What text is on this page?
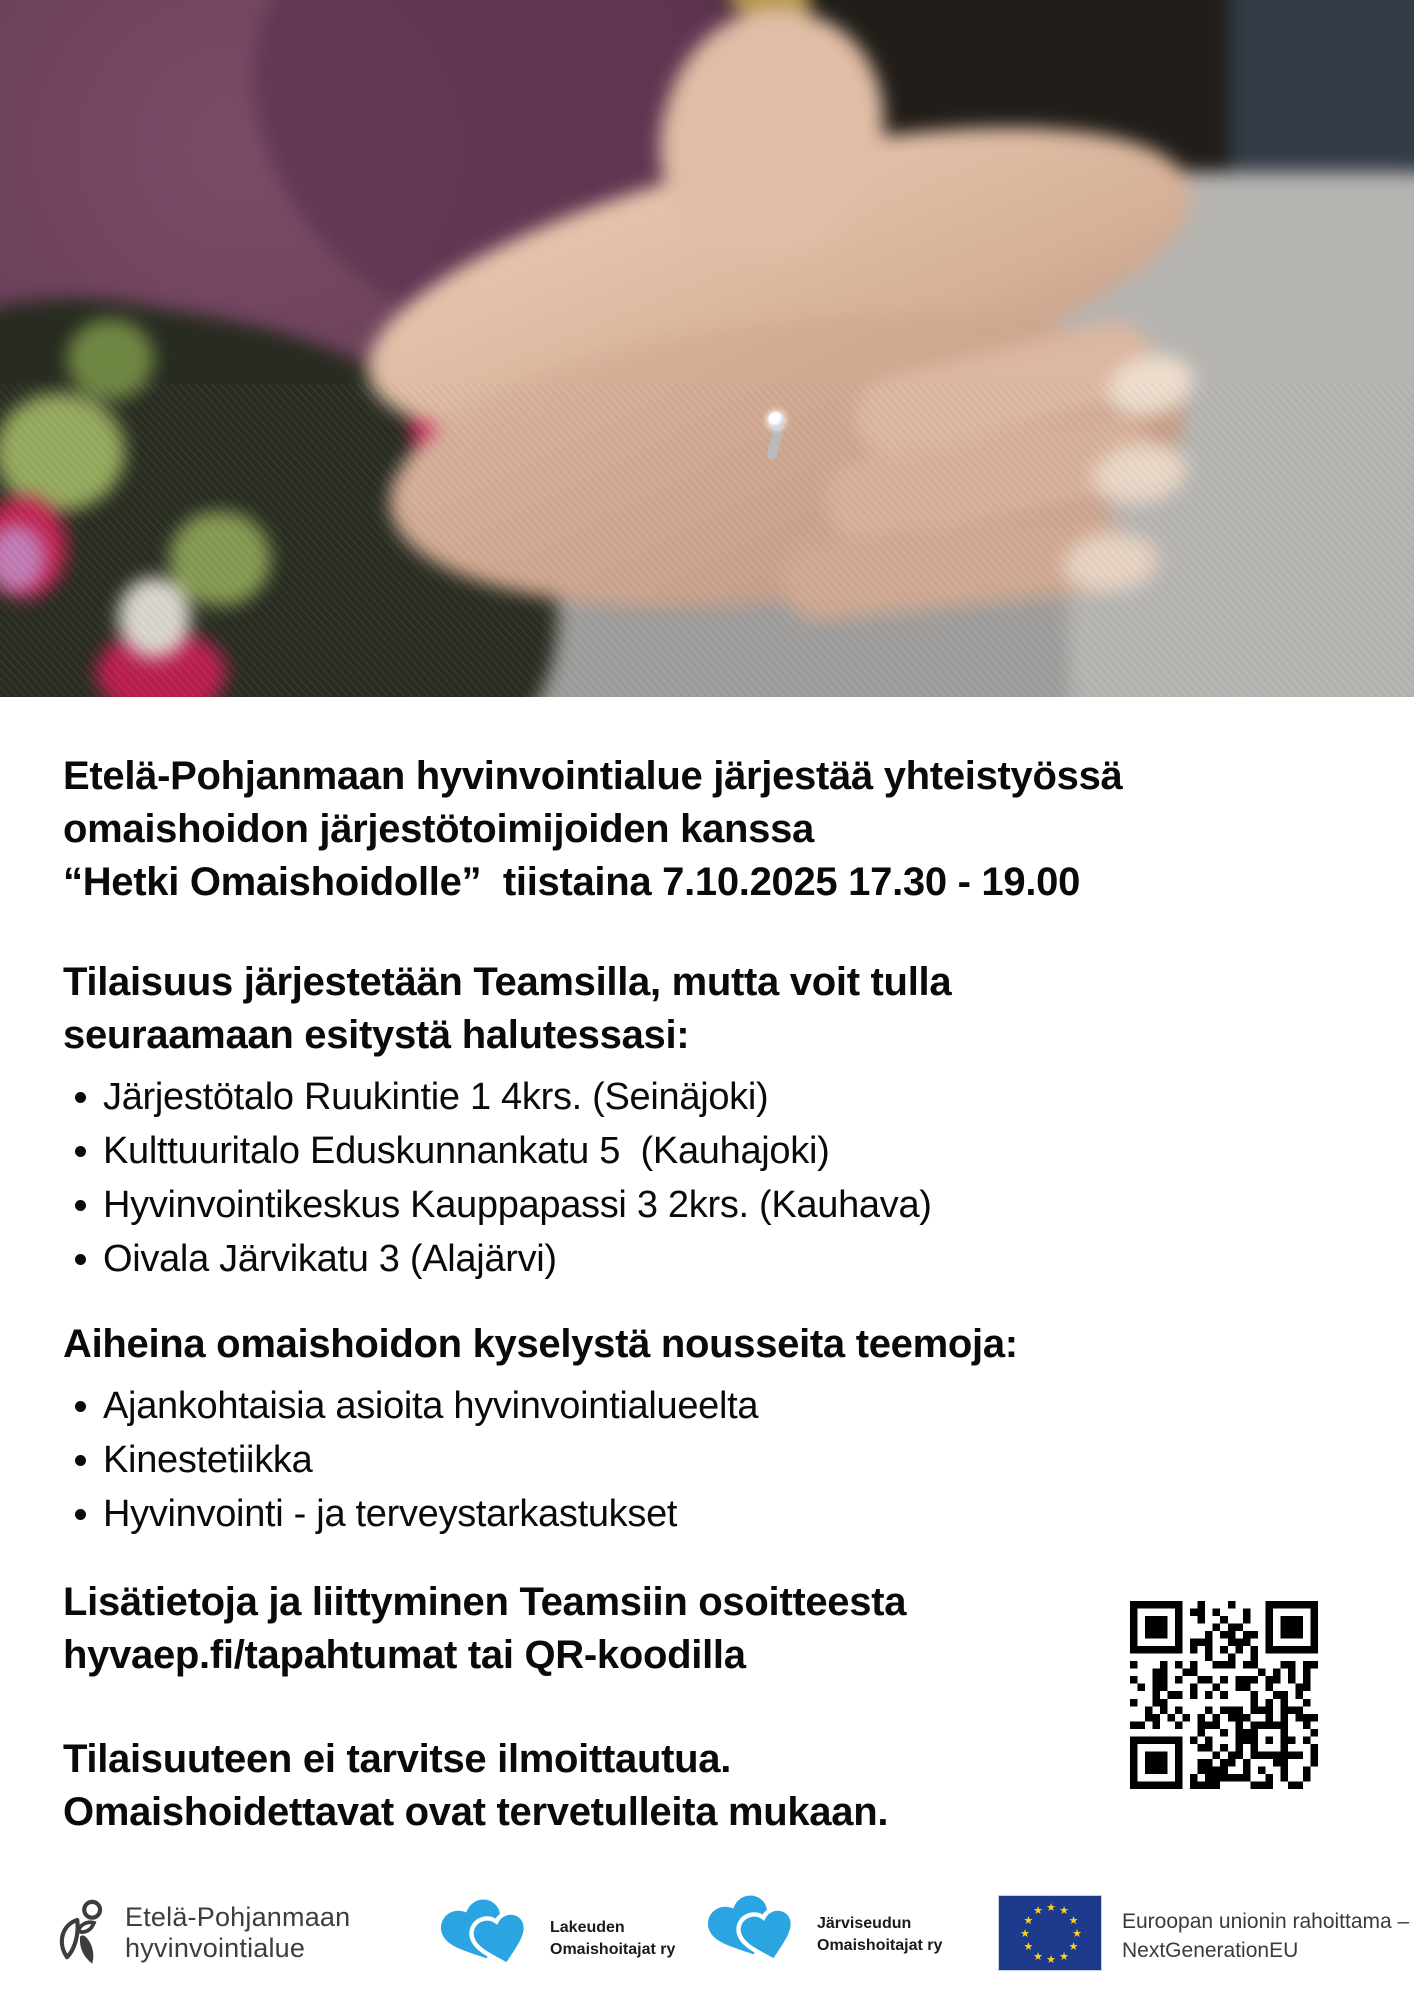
Etelä-Pohjanmaan hyvinvointialue järjestää yhteistyössä
omaishoidon järjestötoimijoiden kanssa
“Hetki Omaishoidolle”  tiistaina 7.10.2025 17.30 - 19.00
Tilaisuus järjestetään Teamsilla, mutta voit tulla
seuraamaan esitystä halutessasi:
Järjestötalo Ruukintie 1 4krs. (Seinäjoki)
Kulttuuritalo Eduskunnankatu 5  (Kauhajoki)
Hyvinvointikeskus Kauppapassi 3 2krs. (Kauhava)
Oivala Järvikatu 3 (Alajärvi)
Aiheina omaishoidon kyselystä nousseita teemoja:
Ajankohtaisia asioita hyvinvointialueelta
Kinestetiikka
Hyvinvointi - ja terveystarkastukset
Lisätietoja ja liittyminen Teamsiin osoitteesta
hyvaep.fi/tapahtumat tai QR-koodilla
Tilaisuuteen ei tarvitse ilmoittautua.
Omaishoidettavat ovat tervetulleita mukaan.
Etelä-Pohjanmaan
hyvinvointialue
Lakeuden
Omaishoitajat ry
Järviseudun
Omaishoitajat ry
★ ★
★
★
★
★
★
★
★
★
★
★	Euroopan unionin rahoittama –
NextGenerationEU
